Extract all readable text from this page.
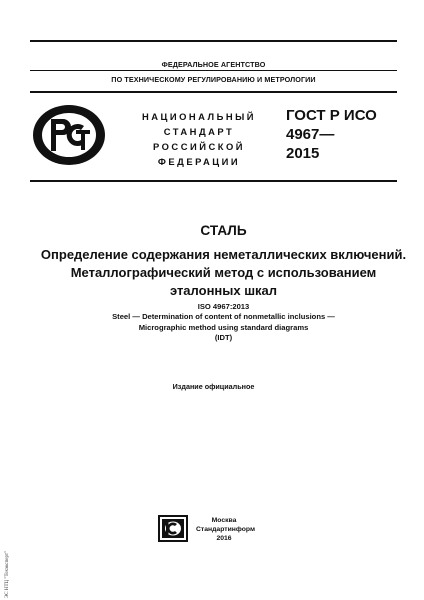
ФЕДЕРАЛЬНОЕ АГЕНТСТВО
ПО ТЕХНИЧЕСКОМУ РЕГУЛИРОВАНИЮ И МЕТРОЛОГИИ
PCT
НАЦИОНАЛЬНЫЙ
СТАНДАРТ
РОССИЙСКОЙ
ФЕДЕРАЦИИ
ГОСТ Р ИСО
4967—
2015
СТАЛЬ
Определение содержания неметаллических включений.
Металлографический метод с использованием
эталонных шкал
ISO 4967:2013
Steel — Determination of content of nonmetallic inclusions —
Micrographic method using standard diagrams
(IDT)
Издание официальное
Москва
Стандартинформ
2016
ЭС НТЦ "Техэксперт"
